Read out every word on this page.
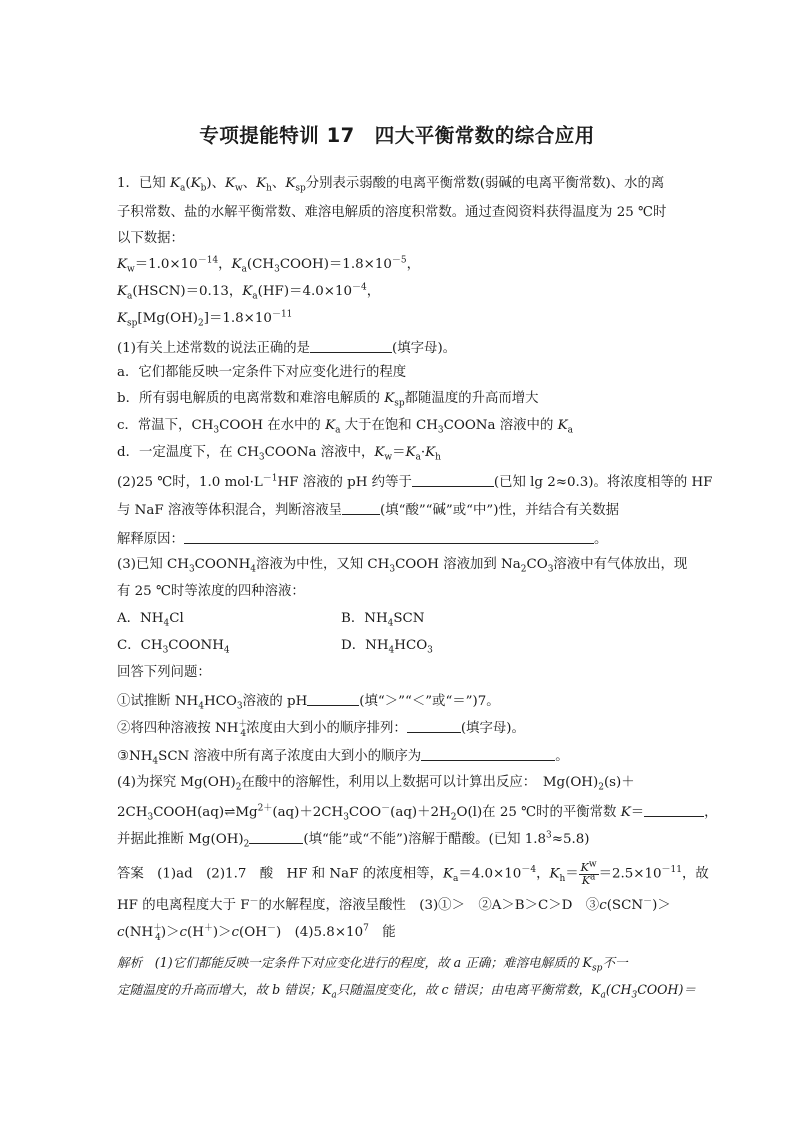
专项提能特训 17　四大平衡常数的综合应用
1．已知 $K_a(K_b)$、$K_w$、$K_h$、$K_{sp}$分别表示弱酸的电离平衡常数(弱碱的电离平衡常数)、水的离
子积常数、盐的水解平衡常数、难溶电解质的溶度积常数。通过查阅资料获得温度为 25 ℃时
以下数据：
$K_w=1.0\times 10^{-14}$，$K_a(CH_3COOH)=1.8\times 10^{-5}$，
$K_a(HSCN)=0.13$，$K_a(HF)=4.0\times 10^{-4}$，
$K_{sp}[Mg(OH)_2]=1.8\times 10^{-11}$
(1)有关上述常数的说法正确的是	(填字母)。
a．它们都能反映一定条件下对应变化进行的程度
b．所有弱电解质的电离常数和难溶电解质的 $K_{sp}$都随温度的升高而增大
c．常温下，$CH_3COOH$ 在水中的 $K_a$ 大于在饱和 $CH_3COONa$ 溶液中的 $K_a$
d．一定温度下，在 $CH_3COONa$ 溶液中，$K_w=K_a\cdot K_h$
(2)25 ℃时，1.0 $mol\cdot L^{-1}HF$ 溶液的 pH 约等于	(已知 lg 2≈0.3)。将浓度相等的 HF
与 NaF 溶液等体积混合，判断溶液呈	(填“酸”“碱”或“中”)性，并结合有关数据
解释原因：	。
(3)已知 $CH_3COONH_4$溶液为中性，又知 $CH_3COOH$ 溶液加到 $Na_2CO_3$溶液中有气体放出，现
有 25 ℃时等浓度的四种溶液：
A．$NH_4Cl$	B．$NH_4SCN$
C．$CH_3COONH_4$	D．$NH_4HCO_3$
回答下列问题：
①试推断 $NH_4HCO_3$溶液的 pH	(填“＞”“＜”或“＝”)7。
②将四种溶液按 $NH^+_4$浓度由大到小的顺序排列：	(填字母)。
$③NH_4SCN$ 溶液中所有离子浓度由大到小的顺序为	。
(4)为探究 $Mg(OH)_2$在酸中的溶解性，利用以上数据可以计算出反应：　$Mg(OH)_2(s)+$
$2CH_3COOH(aq)\rightleftharpoons Mg^{2+}(aq)+2CH_3COO^-(aq)+2H_2O(l)$在 25 ℃时的平衡常数 K＝	，
并据此推断 $Mg(OH)_2$	(填“能”或“不能”)溶解于醋酸。(已知 $1.8^3\approx 5.8$)
答案　(1)ad　(2)1.7　酸　HF 和 NaF 的浓度相等，$K_a=4.0\times 10^{-4}$，$K_h= \frac{K^w}{K^a} =2.5\times 10^{-11}$，故
HF 的电离程度大于 F－的水解程度，溶液呈酸性　(3)①＞　②A＞B＞C＞D　③c(SCN－)＞
$c(NH^+_4)>c(H^+)>c(OH^-)$　$(4)5.8\times 10^7$　能
解析　(1)它们都能反映一定条件下对应变化进行的程度，故 a 正确；难溶电解质的 $K_{sp}$不一
定随温度的升高而增大，故 b 错误；$K_a$只随温度变化，故 c 错误；由电离平衡常数，$K_a(CH_3COOH)=$
